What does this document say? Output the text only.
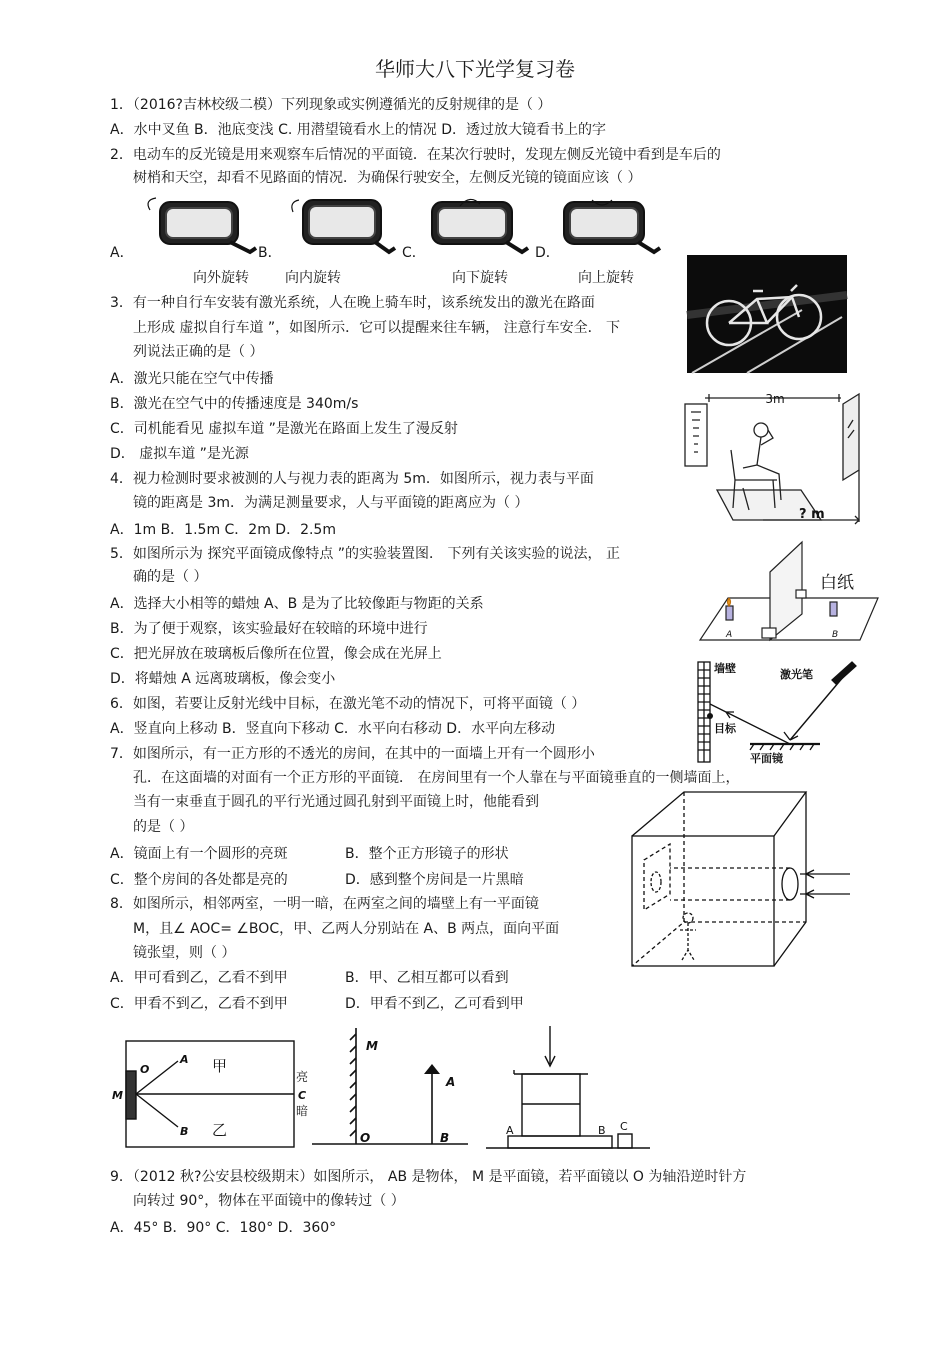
华师大八下光学复习卷
1．（2016?吉林校级二模）下列现象或实例遵循光的反射规律的是（ ）
A．水中叉鱼 B．池底变浅 C. 用潜望镜看水上的情况 D．透过放大镜看书上的字
2．电动车的反光镜是用来观察车后情况的平面镜．在某次行驶时，发现左侧反光镜中看到是车后的
树梢和天空，却看不见路面的情况．为确保行驶安全，左侧反光镜的镜面应该（ ）
A．	B．	C．	D．
向外旋转	向内旋转	向下旋转	向上旋转
3．有一种自行车安装有激光系统，人在晚上骑车时，该系统发出的激光在路面
上形成 虚拟自行车道 ”，如图所示．它可以提醒来往车辆， 注意行车安全． 下
列说法正确的是（ ）
A．激光只能在空气中传播
B．激光在空气中的传播速度是 340m/s
C．司机能看见 虚拟车道 ”是激光在路面上发生了漫反射
D． 虚拟车道 ”是光源
3m
? m
4．视力检测时要求被测的人与视力表的距离为 5m．如图所示，视力表与平面
镜的距离是 3m．为满足测量要求，人与平面镜的距离应为（ ）
A．1m B．1.5m C．2m D．2.5m
5．如图所示为 探究平面镜成像特点 ”的实验装置图． 下列有关该实验的说法， 正
确的是（ ）	白纸
A	B
A．选择大小相等的蜡烛 A、B 是为了比较像距与物距的关系
B．为了便于观察，该实验最好在较暗的环境中进行
C．把光屏放在玻璃板后像所在位置，像会成在光屏上
D．将蜡烛 A 远离玻璃板，像会变小
墙壁	激光笔
目标
平面镜
6．如图，若要让反射光线中目标，在激光笔不动的情况下，可将平面镜（ ）
A．竖直向上移动 B．竖直向下移动 C．水平向右移动 D．水平向左移动
7．如图所示，有一正方形的不透光的房间，在其中的一面墙上开有一个圆形小
孔．在这面墙的对面有一个正方形的平面镜． 在房间里有一个人靠在与平面镜垂直的一侧墙面上，
当有一束垂直于圆孔的平行光通过圆孔射到平面镜上时，他能看到
的是（ ）
A．镜面上有一个圆形的亮斑	B．整个正方形镜子的形状
C．整个房间的各处都是亮的	D．感到整个房间是一片黑暗
8．如图所示，相邻两室，一明一暗，在两室之间的墙壁上有一平面镜
M，且∠ AOC= ∠BOC，甲、乙两人分别站在 A、B 两点，面向平面
镜张望，则（ ）
A．甲可看到乙，乙看不到甲	B．甲、乙相互都可以看到
C．甲看不到乙，乙看不到甲	D．甲看不到乙，乙可看到甲
O
A
B
M
甲
乙
亮
C
暗
M
A
O	B
A	B C
9．（2012 秋?公安县校级期末）如图所示， AB 是物体， M 是平面镜，若平面镜以 O 为轴沿逆时针方
向转过 90°，物体在平面镜中的像转过（ ）
A．45° B．90° C．180° D．360°
